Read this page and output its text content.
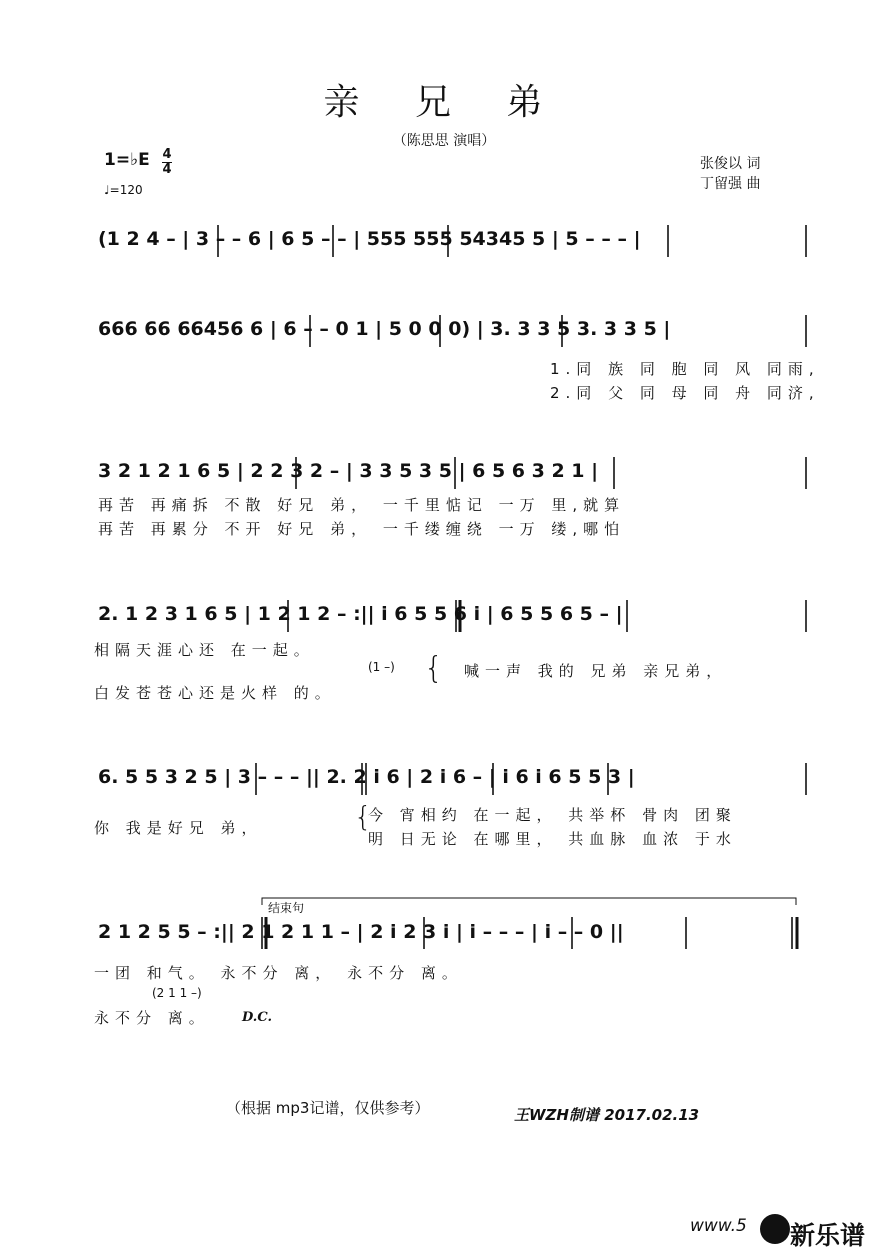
亲 兄 弟
（陈思思 演唱）
1=♭E 4
4
♩=120
张俊以 词
丁留强 曲
(1 2 4 – | 3 – – 6 | 6 5 – – | 555 555 54345 5 | 5 – – – |
666 66 66456 6 | 6 – – 0 1 | 5 0 0 0) | 3. 3 3 5 3. 3 3 5 |
1.同 族 同 胞 同 风 同雨,
2.同 父 同 母 同 舟 同济,
3 2 1 2 1 6 5 | 2 2 3 2 – | 3 3 5 3 5 | 6 5 6 3 2 1 |
再苦 再痛拆 不散 好兄 弟， 一千里惦记 一万 里,就算
再苦 再累分 不开 好兄 弟， 一千缕缠绕 一万 缕,哪怕
2. 1 2 3 1 6 5 | 1 2 1 2 – :|| i 6 5 5 6 i | 6 5 5 6 5 – |
相隔天涯心还 在一起。
(1 –) { 喊一声 我的 兄弟 亲兄弟，
白发苍苍心还是火样 的。
6. 5 5 3 2 5 | 3 – – – || 2. 2 i 6 | 2 i 6 – | i 6 i 6 5 5 3 |
你 我是好兄 弟，	{
今 宵相约 在一起， 共举杯 骨肉 团聚
明 日无论 在哪里， 共血脉 血浓 于水
结束句
2 1 2 5 5 – :|| 2 1 2 1 1 – | 2 i 2 3 i | i – – – | i – – 0 ||
一团 和气。 永不分 离， 永不分 离。
(2 1 1 –)
永不分 离。 D.C.
（根据 mp3记谱，仅供参考）	王WZH制谱 2017.02.13
www.5 新乐谱
